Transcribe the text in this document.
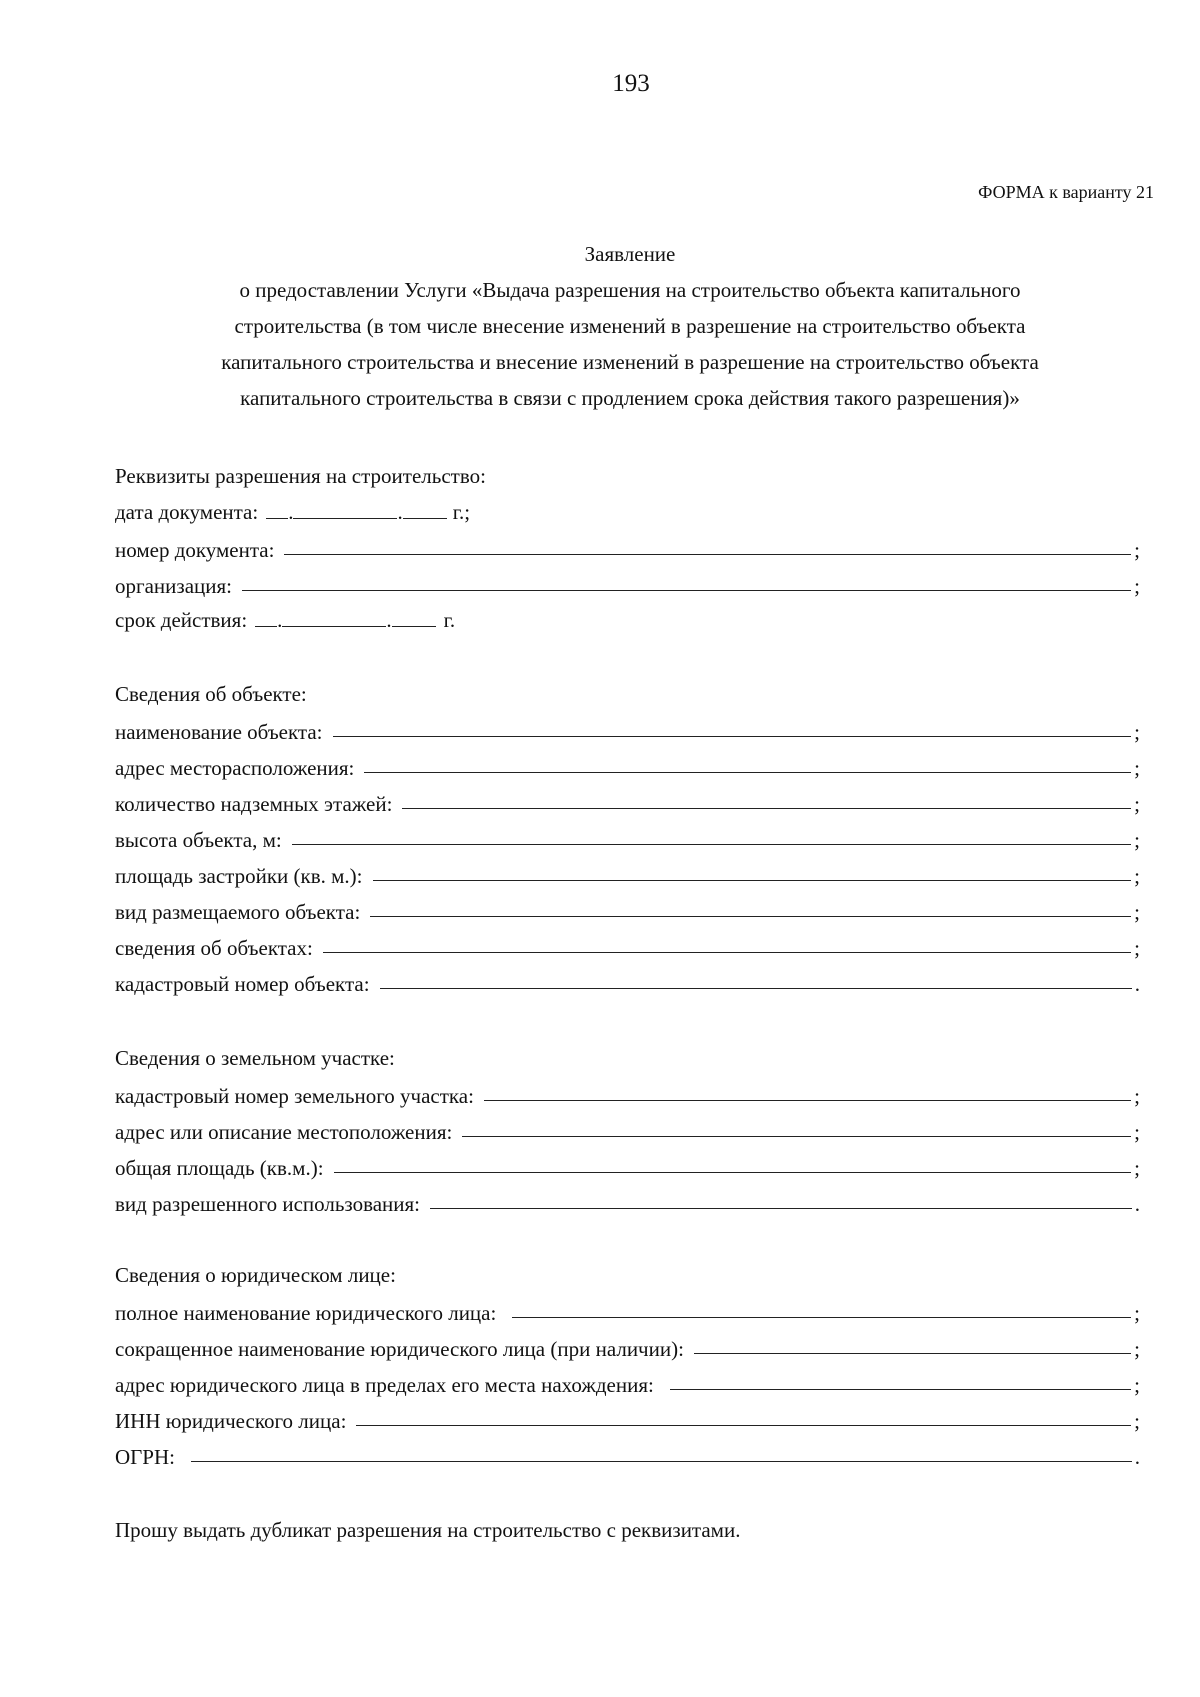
193
ФОРМА к варианту 21
Заявление
о предоставлении Услуги «Выдача разрешения на строительство объекта капитального
строительства (в том числе внесение изменений в разрешение на строительство объекта
капитального строительства и внесение изменений в разрешение на строительство объекта
капитального строительства в связи с продлением срока действия такого разрешения)»
Реквизиты разрешения на строительство:
дата документа: .	. г.;
номер документа:	;
организация:	;
срок действия: .	. г.
Сведения об объекте:
наименование объекта:	;
адрес месторасположения:	;
количество надземных этажей:	;
высота объекта, м:	;
площадь застройки (кв. м.):	;
вид размещаемого объекта:	;
сведения об объектах:	;
кадастровый номер объекта:	.
Сведения о земельном участке:
кадастровый номер земельного участка:	;
адрес или описание местоположения:	;
общая площадь (кв.м.):	;
вид разрешенного использования:	.
Сведения о юридическом лице:
полное наименование юридического лица:	;
сокращенное наименование юридического лица (при наличии):	;
адрес юридического лица в пределах его места нахождения:	;
ИНН юридического лица:	;
ОГРН:	.
Прошу выдать дубликат разрешения на строительство с реквизитами.
